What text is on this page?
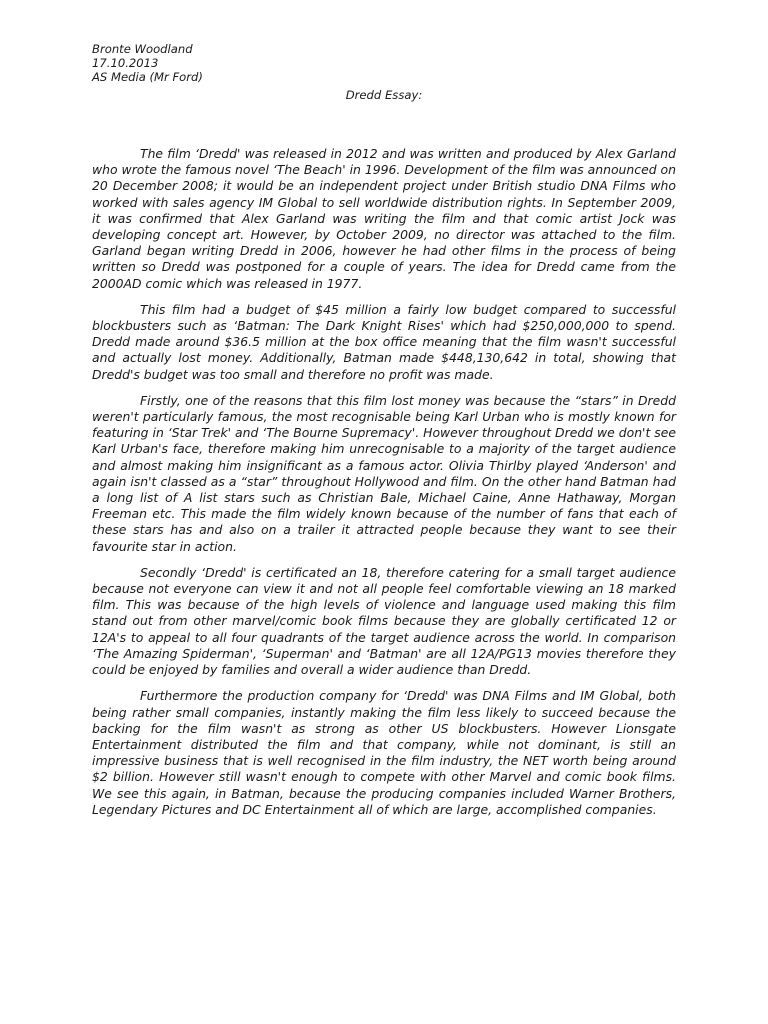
Bronte Woodland
17.10.2013
AS Media (Mr Ford)
Dredd Essay:

The film ‘Dredd' was released in 2012 and was written and produced by Alex Garland who wrote the famous novel ‘The Beach' in 1996. Development of the film was announced on 20 December 2008; it would be an independent project under British studio DNA Films who worked with sales agency IM Global to sell worldwide distribution rights. In September 2009, it was confirmed that Alex Garland was writing the film and that comic artist Jock was developing concept art. However, by October 2009, no director was attached to the film. Garland began writing Dredd in 2006, however he had other films in the process of being written so Dredd was postponed for a couple of years. The idea for Dredd came from the 2000AD comic which was released in 1977.

This film had a budget of $45 million a fairly low budget compared to successful blockbusters such as ‘Batman: The Dark Knight Rises' which had $250,000,000 to spend. Dredd made around $36.5 million at the box office meaning that the film wasn't successful and actually lost money. Additionally, Batman made $448,130,642 in total, showing that Dredd's budget was too small and therefore no profit was made.

Firstly, one of the reasons that this film lost money was because the “stars” in Dredd weren't particularly famous, the most recognisable being Karl Urban who is mostly known for featuring in ‘Star Trek' and ‘The Bourne Supremacy'. However throughout Dredd we don't see Karl Urban's face, therefore making him unrecognisable to a majority of the target audience and almost making him insignificant as a famous actor. Olivia Thirlby played ‘Anderson' and again isn't classed as a “star” throughout Hollywood and film. On the other hand Batman had a long list of A list stars such as Christian Bale, Michael Caine, Anne Hathaway, Morgan Freeman etc. This made the film widely known because of the number of fans that each of these stars has and also on a trailer it attracted people because they want to see their favourite star in action.

Secondly ‘Dredd' is certificated an 18, therefore catering for a small target audience because not everyone can view it and not all people feel comfortable viewing an 18 marked film. This was because of the high levels of violence and language used making this film stand out from other marvel/comic book films because they are globally certificated 12 or 12A's to appeal to all four quadrants of the target audience across the world. In comparison ‘The Amazing Spiderman', ‘Superman' and ‘Batman' are all 12A/PG13 movies therefore they could be enjoyed by families and overall a wider audience than Dredd.

Furthermore the production company for ‘Dredd' was DNA Films and IM Global, both being rather small companies, instantly making the film less likely to succeed because the backing for the film wasn't as strong as other US blockbusters. However Lionsgate Entertainment distributed the film and that company, while not dominant, is still an impressive business that is well recognised in the film industry, the NET worth being around $2 billion. However still wasn't enough to compete with other Marvel and comic book films. We see this again, in Batman, because the producing companies included Warner Brothers, Legendary Pictures and DC Entertainment all of which are large, accomplished companies.
